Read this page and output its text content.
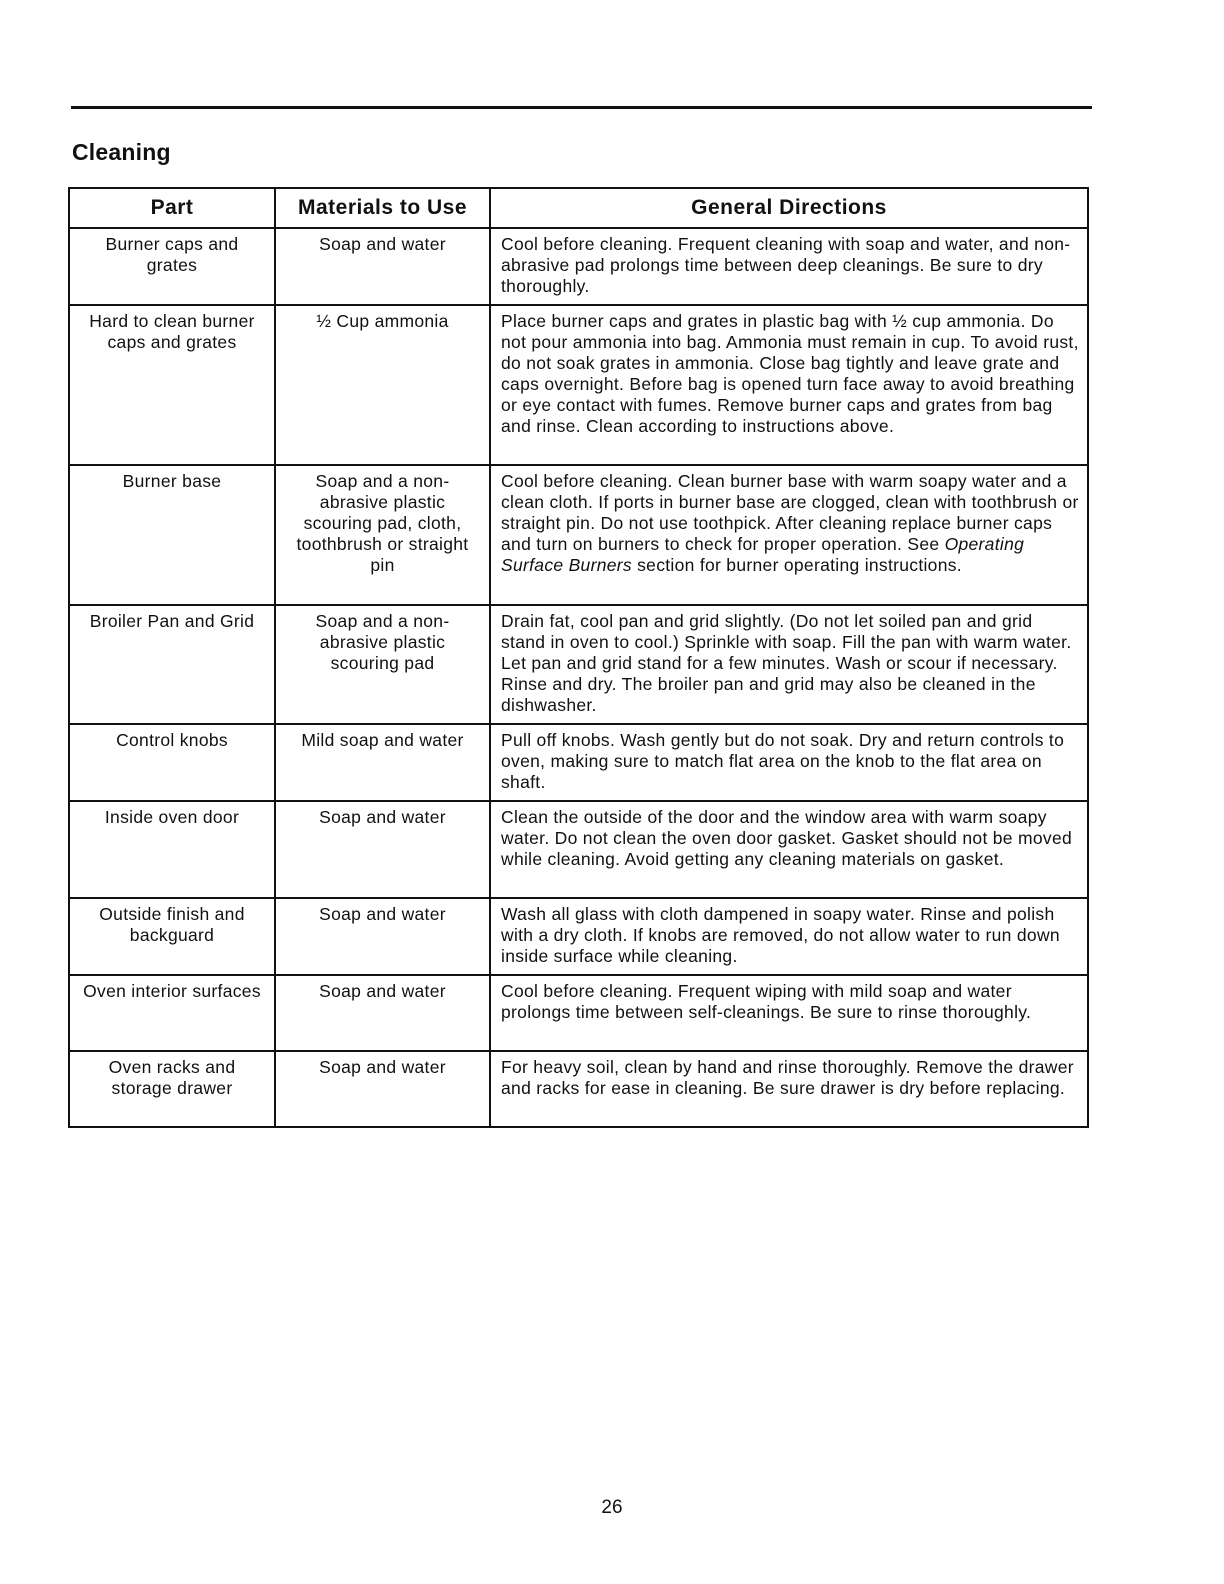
Cleaning
Part	Materials to Use	General Directions
Burner caps and grates	Soap and water	Cool before cleaning. Frequent cleaning with soap and water, and non-abrasive pad prolongs time between deep cleanings. Be sure to dry thoroughly.
Hard to clean burner caps and grates	½ Cup ammonia	Place burner caps and grates in plastic bag with ½ cup ammonia. Do not pour ammonia into bag. Ammonia must remain in cup. To avoid rust, do not soak grates in ammonia. Close bag tightly and leave grate and caps overnight. Before bag is opened turn face away to avoid breathing or eye contact with fumes. Remove burner caps and grates from bag and rinse. Clean according to instructions above.
Burner base	Soap and a non-abrasive plastic scouring pad, cloth, toothbrush or straight pin	Cool before cleaning. Clean burner base with warm soapy water and a clean cloth. If ports in burner base are clogged, clean with toothbrush or straight pin. Do not use toothpick. After cleaning replace burner caps and turn on burners to check for proper operation. See Operating Surface Burners section for burner operating instructions.
Broiler Pan and Grid	Soap and a non-abrasive plastic scouring pad	Drain fat, cool pan and grid slightly. (Do not let soiled pan and grid stand in oven to cool.) Sprinkle with soap. Fill the pan with warm water. Let pan and grid stand for a few minutes. Wash or scour if necessary. Rinse and dry. The broiler pan and grid may also be cleaned in the dishwasher.
Control knobs	Mild soap and water	Pull off knobs. Wash gently but do not soak. Dry and return controls to oven, making sure to match flat area on the knob to the flat area on shaft.
Inside oven door	Soap and water	Clean the outside of the door and the window area with warm soapy water. Do not clean the oven door gasket. Gasket should not be moved while cleaning. Avoid getting any cleaning materials on gasket.
Outside finish and backguard	Soap and water	Wash all glass with cloth dampened in soapy water. Rinse and polish with a dry cloth. If knobs are removed, do not allow water to run down inside surface while cleaning.
Oven interior surfaces	Soap and water	Cool before cleaning. Frequent wiping with mild soap and water prolongs time between self-cleanings. Be sure to rinse thoroughly.
Oven racks and storage drawer	Soap and water	For heavy soil, clean by hand and rinse thoroughly. Remove the drawer and racks for ease in cleaning. Be sure drawer is dry before replacing.
26
